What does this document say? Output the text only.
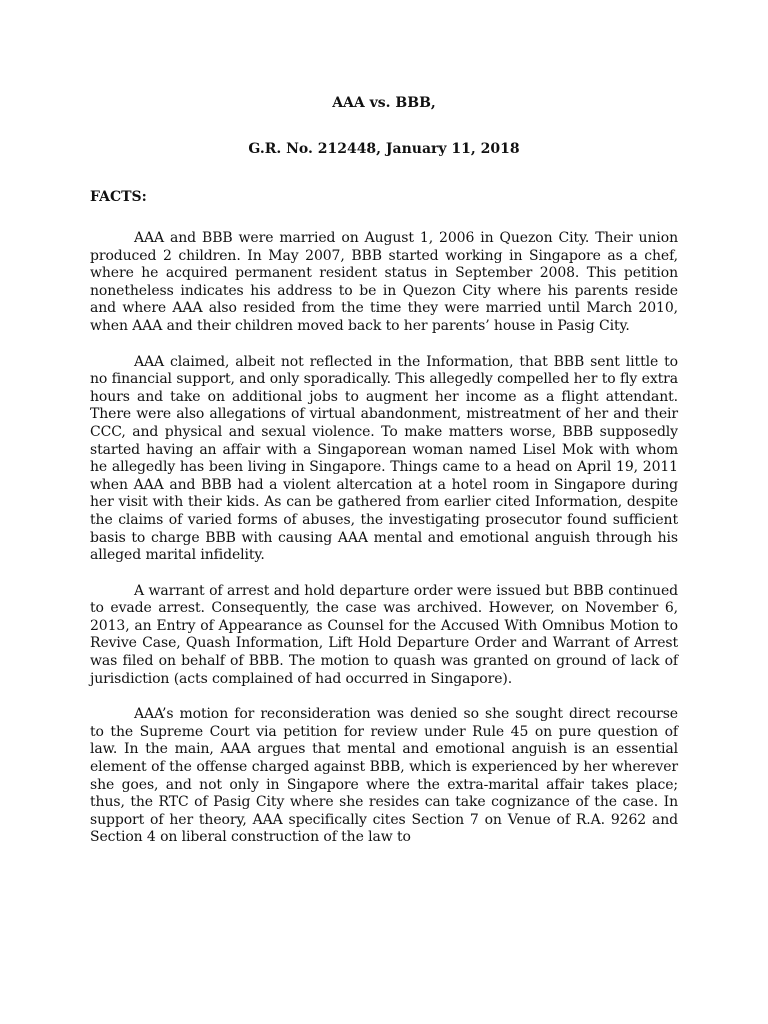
AAA vs. BBB,

G.R. No. 212448, January 11, 2018

FACTS:

AAA and BBB were married on August 1, 2006 in Quezon City. Their union produced 2 children. In May 2007, BBB started working in Singapore as a chef, where he acquired permanent resident status in September 2008. This petition nonetheless indicates his address to be in Quezon City where his parents reside and where AAA also resided from the time they were married until March 2010, when AAA and their children moved back to her parents’ house in Pasig City.

AAA claimed, albeit not reflected in the Information, that BBB sent little to no financial support, and only sporadically. This allegedly compelled her to fly extra hours and take on additional jobs to augment her income as a flight attendant. There were also allegations of virtual abandonment, mistreatment of her and their CCC, and physical and sexual violence. To make matters worse, BBB supposedly started having an affair with a Singaporean woman named Lisel Mok with whom he allegedly has been living in Singapore. Things came to a head on April 19, 2011 when AAA and BBB had a violent altercation at a hotel room in Singapore during her visit with their kids. As can be gathered from earlier cited Information, despite the claims of varied forms of abuses, the investigating prosecutor found sufficient basis to charge BBB with causing AAA mental and emotional anguish through his alleged marital infidelity.

A warrant of arrest and hold departure order were issued but BBB continued to evade arrest. Consequently, the case was archived. However, on November 6, 2013, an Entry of Appearance as Counsel for the Accused With Omnibus Motion to Revive Case, Quash Information, Lift Hold Departure Order and Warrant of Arrest was filed on behalf of BBB. The motion to quash was granted on ground of lack of jurisdiction (acts complained of had occurred in Singapore).

AAA’s motion for reconsideration was denied so she sought direct recourse to the Supreme Court via petition for review under Rule 45 on pure question of law. In the main, AAA argues that mental and emotional anguish is an essential element of the offense charged against BBB, which is experienced by her wherever she goes, and not only in Singapore where the extra-marital affair takes place; thus, the RTC of Pasig City where she resides can take cognizance of the case. In support of her theory, AAA specifically cites Section 7 on Venue of R.A. 9262 and Section 4 on liberal construction of the law to
